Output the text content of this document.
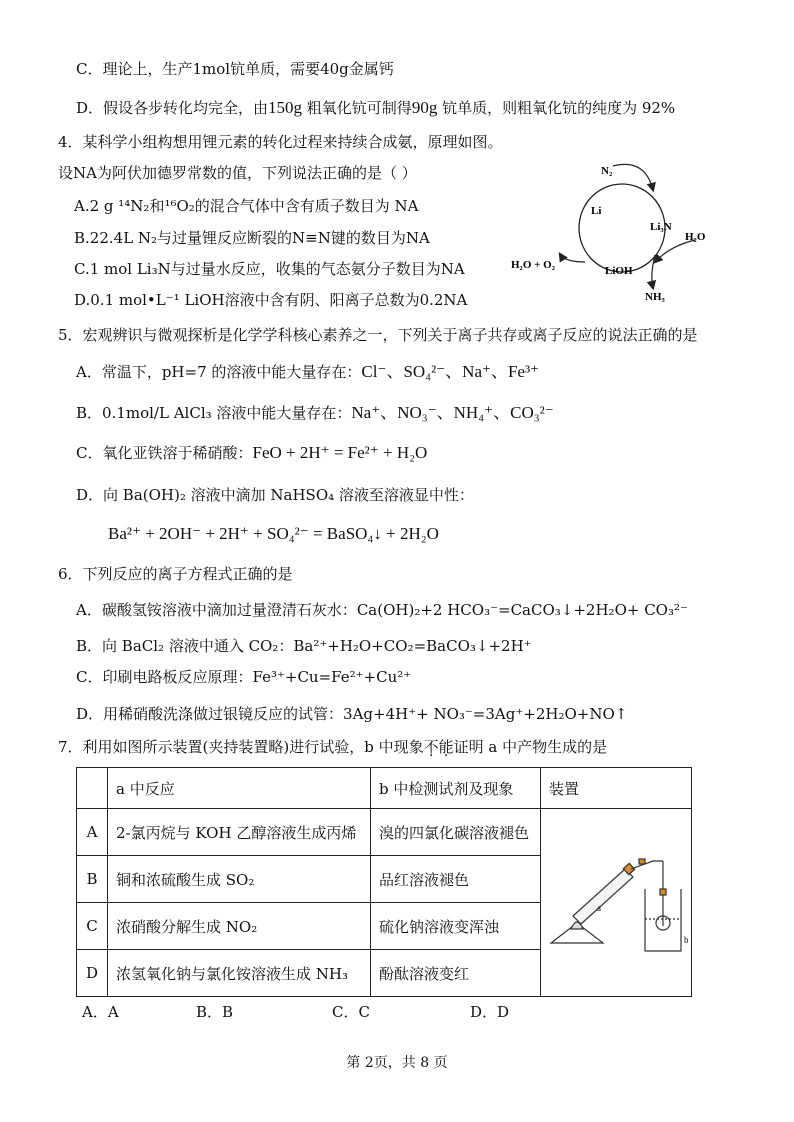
C．理论上，生产1mol钪单质，需要40g金属钙
D．假设各步转化均完全，由150g 粗氧化钪可制得90g 钪单质，则粗氧化钪的纯度为 92%
4．某科学小组构想用锂元素的转化过程来持续合成氨，原理如图。
设NA为阿伏加德罗常数的值，下列说法正确的是（ ）
A.2 g ¹⁴N₂和¹⁶O₂的混合气体中含有质子数目为 NA
B.22.4L N₂与过量锂反应断裂的N≡N键的数目为NA
C.1 mol Li₃N与过量水反应，收集的气态氨分子数目为NA
D.0.1 mol•L⁻¹ LiOH溶液中含有阴、阳离子总数为0.2NA
N₂
Li
Li₃N
H₂O
H₂O + O₂	LiOH
NH₃
5．宏观辨识与微观探析是化学学科核心素养之一，下列关于离子共存或离子反应的说法正确的是
A．常温下，pH=7 的溶液中能大量存在：Cl⁻、SO₄²⁻、Na⁺、Fe³⁺
B．0.1mol/L AlCl₃ 溶液中能大量存在：Na⁺、NO₃⁻、NH₄⁺、CO₃²⁻
C．氧化亚铁溶于稀硝酸：FeO + 2H⁺ = Fe²⁺ + H₂O
D．向 Ba(OH)₂ 溶液中滴加 NaHSO₄ 溶液至溶液显中性：
Ba²⁺ + 2OH⁻ + 2H⁺ + SO₄²⁻ = BaSO₄↓ + 2H₂O
6．下列反应的离子方程式正确的是
A．碳酸氢铵溶液中滴加过量澄清石灰水：Ca(OH)₂+2 HCO₃⁻=CaCO₃↓+2H₂O+ CO₃²⁻
B．向 BaCl₂ 溶液中通入 CO₂：Ba²⁺+H₂O+CO₂=BaCO₃↓+2H⁺
C．印刷电路板反应原理：Fe³⁺+Cu=Fe²⁺+Cu²⁺
D．用稀硝酸洗涤做过银镜反应的试管：3Ag+4H⁺+ NO₃⁻=3Ag⁺+2H₂O+NO↑
7．利用如图所示装置(夹持装置略)进行试验，b 中现象不能证明 a 中产物生成的是
	a 中反应	b 中检测试剂及现象	装置
A	2-氯丙烷与 KOH 乙醇溶液生成丙烯	溴的四氯化碳溶液褪色	a
b

B	铜和浓硫酸生成 SO₂	品红溶液褪色	
C	浓硝酸分解生成 NO₂	硫化钠溶液变浑浊	
D	浓氢氧化钠与氯化铵溶液生成 NH₃	酚酞溶液变红	
A．A	B．B	C．C	D．D
第 2页，共 8 页
